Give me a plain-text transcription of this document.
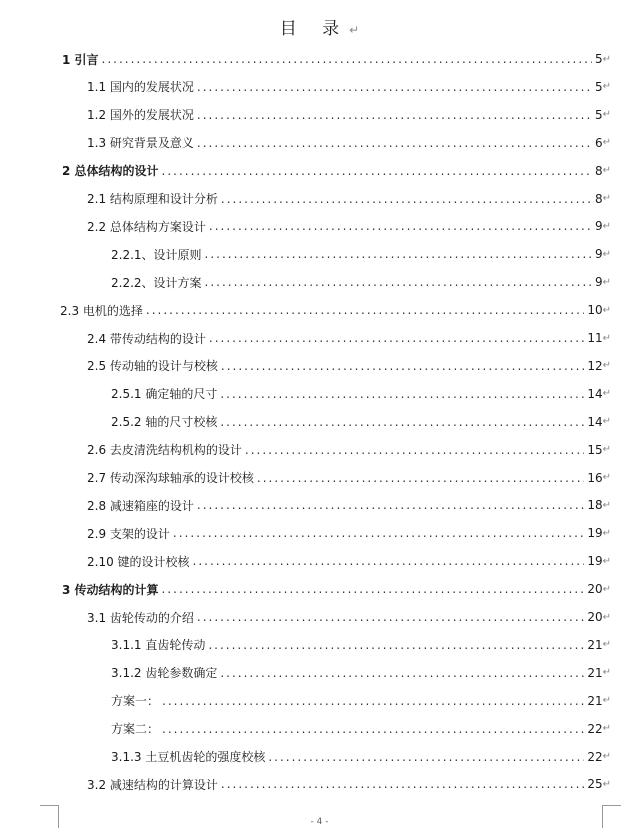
目 录↵
1 引言 .....	5 ↵
1.1 国内的发展状况 .....	5 ↵
1.2 国外的发展状况 .....	5 ↵
1.3 研究背景及意义 .....	6 ↵
2 总体结构的设计 .....	8 ↵
2.1 结构原理和设计分析 .....	8 ↵
2.2 总体结构方案设计 .....	9 ↵
2.2.1、设计原则 .....	9 ↵
2.2.2、设计方案 .....	9 ↵
2.3 电机的选择 .....	10 ↵
2.4 带传动结构的设计 .....	11 ↵
2.5 传动轴的设计与校核 .....	12 ↵
2.5.1 确定轴的尺寸 .....	14 ↵
2.5.2 轴的尺寸校核 .....	14 ↵
2.6 去皮清洗结构机构的设计 .....	15 ↵
2.7 传动深沟球轴承的设计校核 .....	16 ↵
2.8 减速箱座的设计 .....	18 ↵
2.9 支架的设计 .....	19 ↵
2.10 键的设计校核 .....	19 ↵
3 传动结构的计算 .....	20 ↵
3.1 齿轮传动的介绍 .....	20 ↵
3.1.1 直齿轮传动 .....	21 ↵
3.1.2 齿轮参数确定 .....	21 ↵
方案一： .....	21 ↵
方案二： .....	22 ↵
3.1.3 土豆机齿轮的强度校核 .....	22 ↵
3.2 减速结构的计算设计 .....	25 ↵
- 4 -
